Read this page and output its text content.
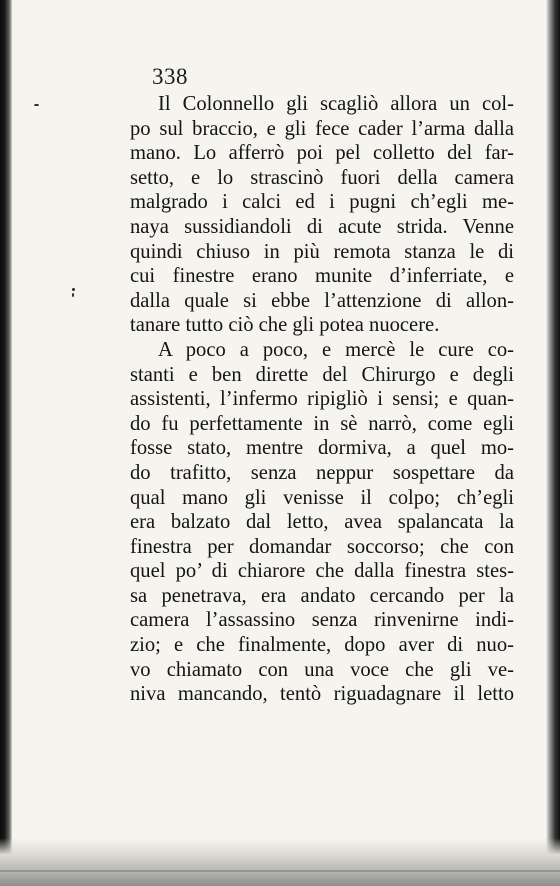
338
Il Colonnello gli scagliò allora un col-
po sul braccio, e gli fece cader l’arma dalla
mano. Lo afferrò poi pel colletto del far-
setto, e lo strascinò fuori della camera
malgrado i calci ed i pugni ch’egli me-
naya sussidiandoli di acute strida. Venne
quindi chiuso in più remota stanza le di
cui finestre erano munite d’inferriate, e
dalla quale si ebbe l’attenzione di allon-
tanare tutto ciò che gli potea nuocere.
A poco a poco, e mercè le cure co-
stanti e ben dirette del Chirurgo e degli
assistenti, l’infermo ripigliò i sensi; e quan-
do fu perfettamente in sè narrò, come egli
fosse stato, mentre dormiva, a quel mo-
do trafitto, senza neppur sospettare da
qual mano gli venisse il colpo; ch’egli
era balzato dal letto, avea spalancata la
finestra per domandar soccorso; che con
quel po’ di chiarore che dalla finestra stes-
sa penetrava, era andato cercando per la
camera l’assassino senza rinvenirne indi-
zio; e che finalmente, dopo aver di nuo-
vo chiamato con una voce che gli ve-
niva mancando, tentò riguadagnare il letto
